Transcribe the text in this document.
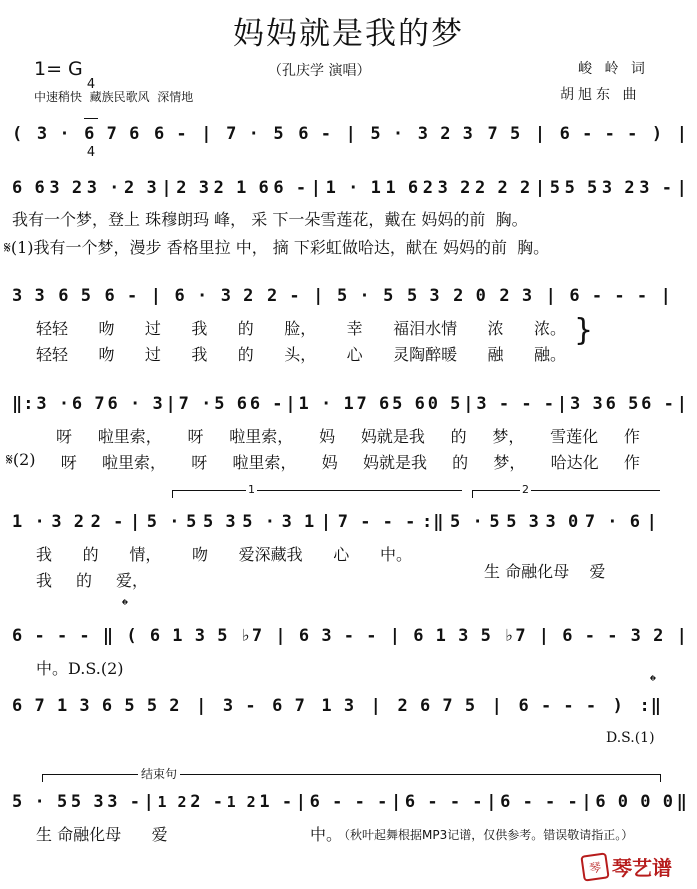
妈妈就是我的梦
1= G

4

4

（孔庆学 演唱）
中速稍快  藏族民歌风  深情地
峻 岭 词
胡旭东 曲
( 3 · 6 7 6 6 - | 7 · 5 6 - | 5 · 3 2 3 7 5 | 6 - - - ) |
6 6 3 2 3 · 2 3 | 2 3 2 1 6 6 - | 1 · 1 1 6 2 3 2 2 2 2 | 5 5 5 3 2 3 - |
我有一个梦，登上 珠穆朗玛 峰， 采 下一朵雪莲花，戴在 妈妈的前  胸。
𝄋(1)我有一个梦，漫步 香格里拉 中， 摘 下彩虹做哈达，献在 妈妈的前  胸。
3 3 6 5 6 - | 6 · 3 2 2 - | 5 · 5 5 3 2 0 2 3 | 6 - - - |
轻轻 吻 过 我 的 脸， 幸 福泪水情 浓 浓。
轻轻 吻 过 我 的 头， 心 灵陶醉暖 融 融。
}
‖: 3 · 6 7 6 · 3 | 7 · 5 6 6 - | 1 · 1 7 6 5 6 0 5 | 3 - - - | 3 3 6 5 6 - |
呀 啦里索， 呀 啦里索， 妈 妈就是我 的 梦， 雪莲化 作
𝄋(2) 呀 啦里索， 呀 啦里索， 妈 妈就是我 的 梦， 哈达化 作
1	2
1 · 3 2 2 - | 5 · 5 5 3 5 · 3 1 | 7 - - - :‖ 5 · 5 5 3 3 0 7 · 6 |
我 的 情， 吻 爱深藏我 心 中。
我 的 爱，	生 命融化母    爱
𝄌
6 - - - ‖ ( 6 1 3 5 ♭7 | 6 3 - - | 6 1 3 5 ♭7 | 6 - - 3 2 |
中。D.S.(2)
6 7 1 3 6 5 5 2 | 3 - 6 7 1 3 | 2 6 7 5 | 6 - - - ) :‖
𝄌
D.S.(1)
结束句
5 · 5 5 3 3 - | 1 2 2 - 1 2 1 - | 6 - - - | 6 - - - | 6 - - - | 6 0 0 0 ‖
生 命融化母      爱	中。
（秋叶起舞根据MP3记谱，仅供参考。错误敬请指正。）
琴 琴艺谱
